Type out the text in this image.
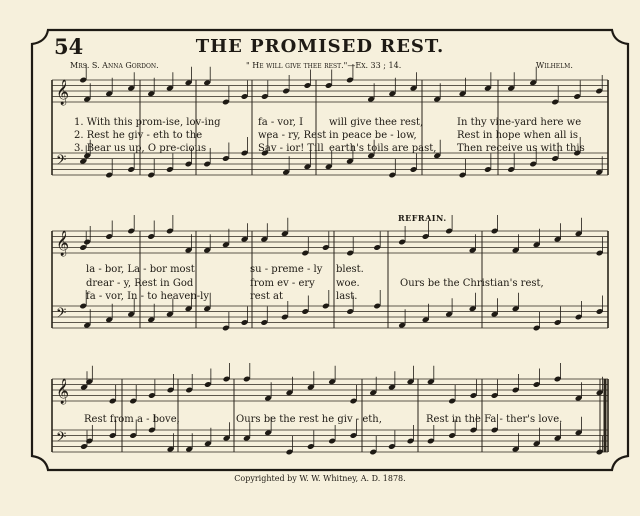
𝄞
𝄢
𝄞
𝄢
𝄞
𝄢
54	THE PROMISED REST.
Mrs. S. Anna Gordon.	" He will give thee rest."—Ex. 33 ; 14.	Wilhelm.
1. With this prom-ise, lov-ing	fa - vor, I	will give thee rest,	In thy vine-yard here we
2. Rest he giv - eth to the	wea - ry, Rest in peace be - low,	Rest in hope when all is
3. Bear us up, O pre-cious	Sav - ior! Till earth's toils are past, Then receive us with this
REFRAIN.
la - bor, La - bor most	su - preme - ly blest.
drear - y, Rest in God	from ev - ery woe.	Ours be the Christian's rest,
fa - vor, In - to heaven-ly	rest at	last.
Rest from a - bove,	Ours be the rest he giv - eth,	Rest in the Fa - ther's love.
Copyrighted by W. W. Whitney, A. D. 1878.
